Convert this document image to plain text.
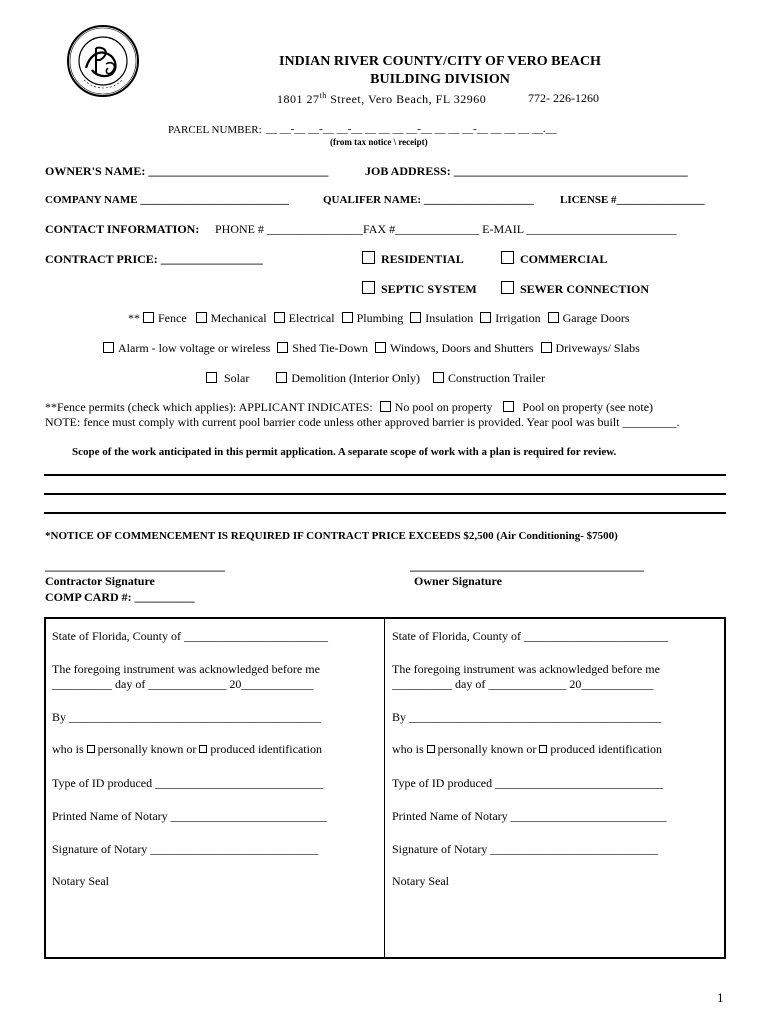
INDIAN RIVER COUNTY/CITY OF VERO BEACH
BUILDING DIVISION
1801 27th Street, Vero Beach, FL 32960	772- 226-1260
PARCEL NUMBER: __ __-__ __-__ __-__ __ __ __ __-__ __ __ __-__ __ __ __ __.__
(from tax notice \ receipt)
OWNER'S NAME: ______________________________	JOB ADDRESS: _______________________________________
COMPANY NAME ___________________________	QUALIFER NAME: ____________________ LICENSE #________________
CONTACT INFORMATION: PHONE # ________________FAX #______________ E-MAIL _________________________
CONTRACT PRICE: _________________	RESIDENTIAL	COMMERCIAL
SEPTIC SYSTEM	SEWER CONNECTION
** Fence Mechanical Electrical Plumbing Insulation Irrigation Garage Doors
Alarm - low voltage or wireless Shed Tie-Down Windows, Doors and Shutters Driveways/ Slabs
Solar	Demolition (Interior Only) Construction Trailer
**Fence permits (check which applies): APPLICANT INDICATES: No pool on property	Pool on property (see note)
NOTE: fence must comply with current pool barrier code unless other approved barrier is provided. Year pool was built _________.
Scope of the work anticipated in this permit application. A separate scope of work with a plan is required for review.
*NOTICE OF COMMENCEMENT IS REQUIRED IF CONTRACT PRICE EXCEEDS $2,500 (Air Conditioning- $7500)
______________________________
Contractor Signature
COMP CARD #: __________
_______________________________________
Owner Signature
State of Florida, County of ________________________
The foregoing instrument was acknowledged before me
__________ day of _____________ 20____________
By __________________________________________
who is personally known or produced identification
Type of ID produced ____________________________
Printed Name of Notary __________________________
Signature of Notary ____________________________
Notary Seal
State of Florida, County of ________________________
The foregoing instrument was acknowledged before me
__________ day of _____________ 20____________
By __________________________________________
who is personally known or produced identification
Type of ID produced ____________________________
Printed Name of Notary __________________________
Signature of Notary ____________________________
Notary Seal
1
